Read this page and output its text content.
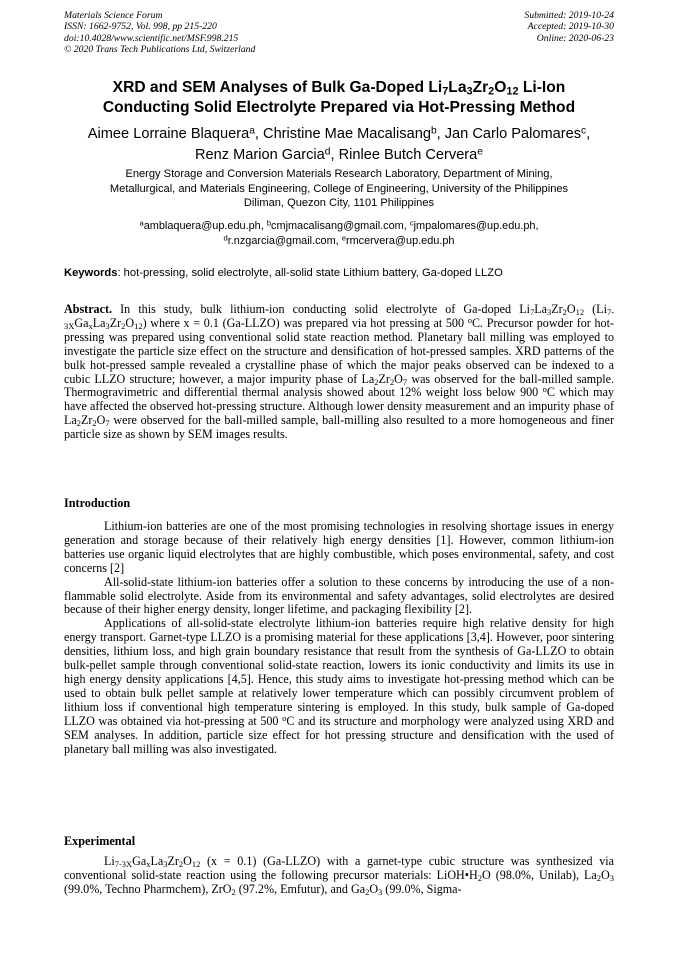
Materials Science Forum
ISSN: 1662-9752, Vol. 998, pp 215-220
doi:10.4028/www.scientific.net/MSF.998.215
© 2020 Trans Tech Publications Ltd, Switzerland
Submitted: 2019-10-24
Accepted: 2019-10-30
Online: 2020-06-23
XRD and SEM Analyses of Bulk Ga-Doped $Li_7La_3Zr_2O_{12}$ Li-Ion
Conducting Solid Electrolyte Prepared via Hot-Pressing Method
Aimee Lorraine Blaquera$^a$, Christine Mae Macalisang$^b$, Jan Carlo Palomares$^c$,
Renz Marion Garcia$^d$, Rinlee Butch Cervera$^e$
Energy Storage and Conversion Materials Research Laboratory, Department of Mining,
Metallurgical, and Materials Engineering, College of Engineering, University of the Philippines
Diliman, Quezon City, 1101 Philippines
$^a$amblaquera@up.edu.ph, $^b$cmjmacalisang@gmail.com, $^c$jmpalomares@up.edu.ph,
$^d$r.nzgarcia@gmail.com, $^e$rmcervera@up.edu.ph
Keywords: hot-pressing, solid electrolyte, all-solid state Lithium battery, Ga-doped LLZO

Abstract. In this study, bulk lithium-ion conducting solid electrolyte of Ga-doped $Li_7La_3Zr_2O_{12}$ $(Li_{7-3X}Ga_xLa_3Zr_2O_{12})$ where x = 0.1 (Ga-LLZO) was prepared via hot pressing at 500 $^o$C. Precursor powder for hot-pressing was prepared using conventional solid state reaction method. Planetary ball milling was employed to investigate the particle size effect on the structure and densification of hot-pressed samples. XRD patterns of the bulk hot-pressed sample revealed a crystalline phase of which the major peaks observed can be indexed to a cubic LLZO structure; however, a major impurity phase of $La_2Zr_2O_7$ was observed for the ball-milled sample. Thermogravimetric and differential thermal analysis showed about 12% weight loss below 900 $^o$C which may have affected the observed hot-pressing structure. Although lower density measurement and an impurity phase of $La_2Zr_2O_7$ were observed for the ball-milled sample, ball-milling also resulted to a more homogeneous and finer particle size as shown by SEM images results.

Introduction

Lithium-ion batteries are one of the most promising technologies in resolving shortage issues in energy generation and storage because of their relatively high energy densities [1]. However, common lithium-ion batteries use organic liquid electrolytes that are highly combustible, which poses environmental, safety, and cost concerns [2]

All-solid-state lithium-ion batteries offer a solution to these concerns by introducing the use of a non-flammable solid electrolyte. Aside from its environmental and safety advantages, solid electrolytes are desired because of their higher energy density, longer lifetime, and packaging flexibility [2].

Applications of all-solid-state electrolyte lithium-ion batteries require high relative density for high energy transport. Garnet-type LLZO is a promising material for these applications [3,4]. However, poor sintering densities, lithium loss, and high grain boundary resistance that result from the synthesis of Ga-LLZO to obtain bulk-pellet sample through conventional solid-state reaction, lowers its ionic conductivity and limits its use in high energy density applications [4,5]. Hence, this study aims to investigate hot-pressing method which can be used to obtain bulk pellet sample at relatively lower temperature which can possibly circumvent problem of lithium loss if conventional high temperature sintering is employed. In this study, bulk sample of Ga-doped LLZO was obtained via hot-pressing at 500 $^o$C and its structure and morphology were analyzed using XRD and SEM analyses. In addition, particle size effect for hot pressing structure and densification with the used of planetary ball milling was also investigated.

Experimental

$Li_{7-3X}Ga_xLa_3Zr_2O_{12}$ (x = 0.1) (Ga-LLZO) with a garnet-type cubic structure was synthesized via conventional solid-state reaction using the following precursor materials: $LiOH•H_2O$ (98.0%, Unilab), $La_2O_3$ (99.0%, Techno Pharmchem), ZrO$_2$ (97.2%, Emfutur), and $Ga_2O_3$ (99.0%, Sigma-
